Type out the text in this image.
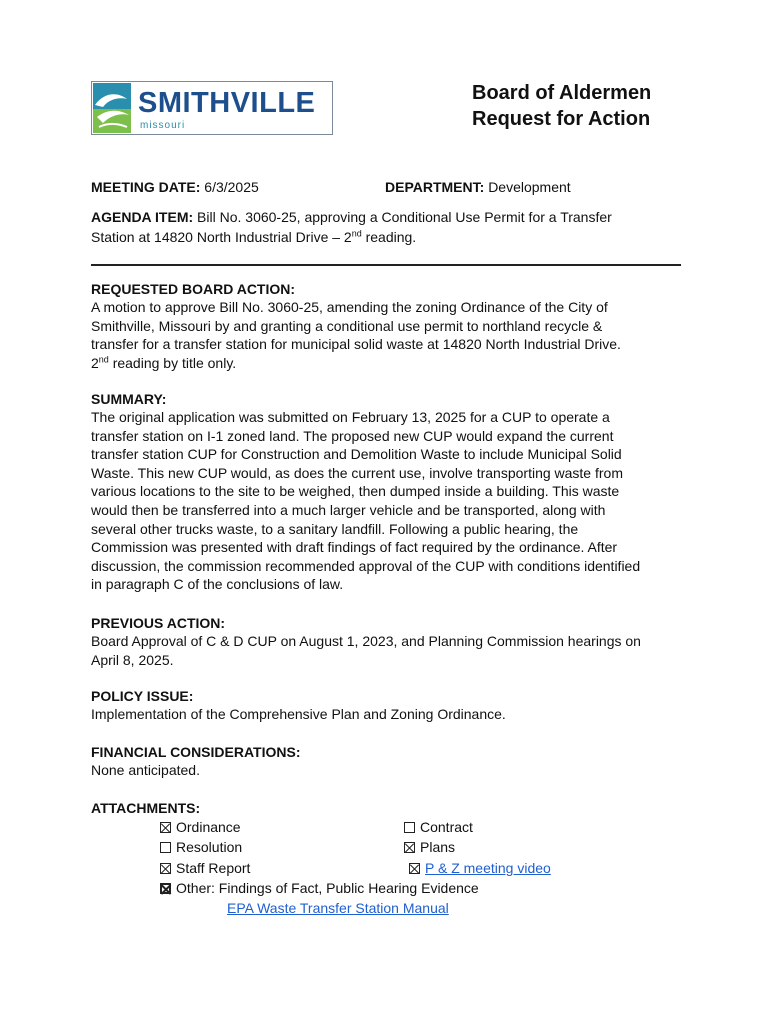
SMITHVILLE
missouri
Board of Aldermen
Request for Action
MEETING DATE: 6/3/2025	DEPARTMENT: Development
AGENDA ITEM: Bill No. 3060-25, approving a Conditional Use Permit for a Transfer
Station at 14820 North Industrial Drive – 2nd reading.
REQUESTED BOARD ACTION:
A motion to approve Bill No. 3060-25, amending the zoning Ordinance of the City of
Smithville, Missouri by and granting a conditional use permit to northland recycle &
transfer for a transfer station for municipal solid waste at 14820 North Industrial Drive.
2nd reading by title only.
SUMMARY:
The original application was submitted on February 13, 2025 for a CUP to operate a
transfer station on I-1 zoned land. The proposed new CUP would expand the current
transfer station CUP for Construction and Demolition Waste to include Municipal Solid
Waste. This new CUP would, as does the current use, involve transporting waste from
various locations to the site to be weighed, then dumped inside a building. This waste
would then be transferred into a much larger vehicle and be transported, along with
several other trucks waste, to a sanitary landfill. Following a public hearing, the
Commission was presented with draft findings of fact required by the ordinance. After
discussion, the commission recommended approval of the CUP with conditions identified
in paragraph C of the conclusions of law.
PREVIOUS ACTION:
Board Approval of C & D CUP on August 1, 2023, and Planning Commission hearings on
April 8, 2025.
POLICY ISSUE:
Implementation of the Comprehensive Plan and Zoning Ordinance.
FINANCIAL CONSIDERATIONS:
None anticipated.
ATTACHMENTS:
Ordinance	Contract
Resolution	Plans
Staff Report	P & Z meeting video
Other: Findings of Fact, Public Hearing Evidence
EPA Waste Transfer Station Manual
